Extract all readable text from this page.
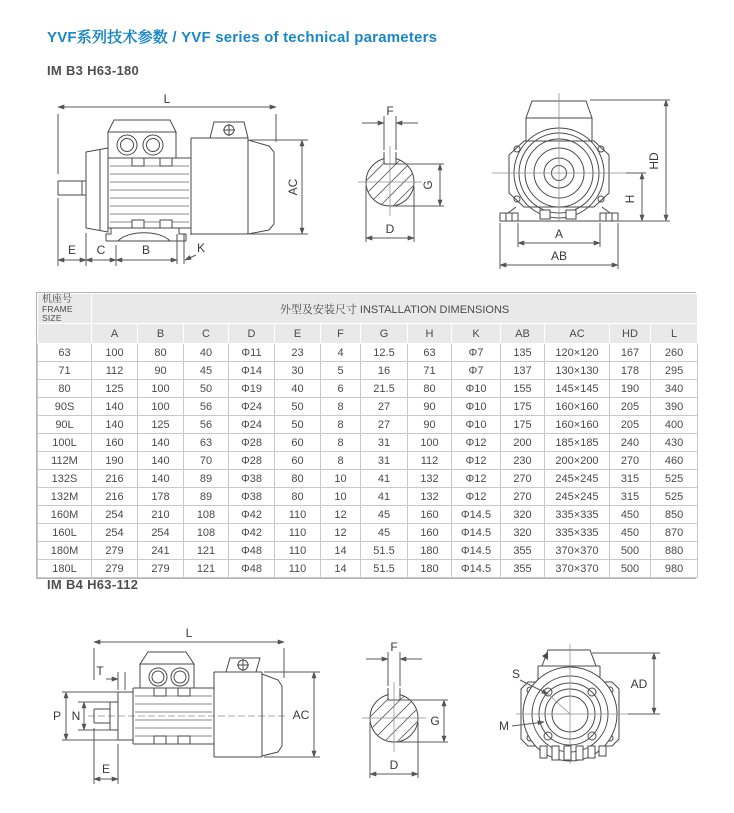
YVF系列技术参数 / YVF series of technical parameters
IM B3 H63-180
L
AC
E C	B	K
F
G
D
HD
H
A
AB
机座号
FRAME SIZE	外型及安装尺寸 INSTALLATION DIMENSIONS												
	A	B	C	D	E	F	G	H	K	AB	AC	HD	L
63	100	80	40	Φ11	23	4	12.5	63	Φ7	135	120×120	167	260
71	112	90	45	Φ14	30	5	16	71	Φ7	137	130×130	178	295
80	125	100	50	Φ19	40	6	21.5	80	Φ10	155	145×145	190	340
90S	140	100	56	Φ24	50	8	27	90	Φ10	175	160×160	205	390
90L	140	125	56	Φ24	50	8	27	90	Φ10	175	160×160	205	400
100L	160	140	63	Φ28	60	8	31	100	Φ12	200	185×185	240	430
112M	190	140	70	Φ28	60	8	31	112	Φ12	230	200×200	270	460
132S	216	140	89	Φ38	80	10	41	132	Φ12	270	245×245	315	525
132M	216	178	89	Φ38	80	10	41	132	Φ12	270	245×245	315	525
160M	254	210	108	Φ42	110	12	45	160	Φ14.5	320	335×335	450	850
160L	254	254	108	Φ42	110	12	45	160	Φ14.5	320	335×335	450	870
180M	279	241	121	Φ48	110	14	51.5	180	Φ14.5	355	370×370	500	880
180L	279	279	121	Φ48	110	14	51.5	180	Φ14.5	355	370×370	500	980
IM B4 H63-112
L
T
P N	AC
E
F
G
D
S
M
AD
